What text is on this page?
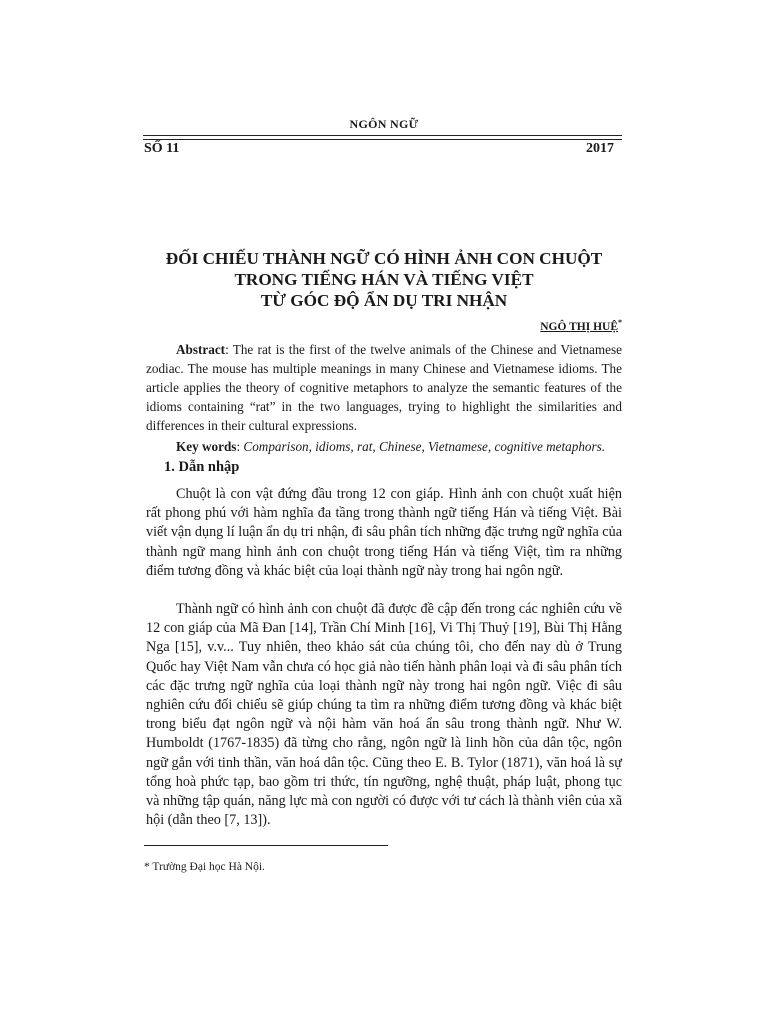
NGÔN NGỮ
SỐ 11	2017
ĐỐI CHIẾU THÀNH NGỮ CÓ HÌNH ẢNH CON CHUỘT
TRONG TIẾNG HÁN VÀ TIẾNG VIỆT
TỪ GÓC ĐỘ ẨN DỤ TRI NHẬN
NGÔ THỊ HUỆ*
Abstract: The rat is the first of the twelve animals of the Chinese and Vietnamese zodiac. The mouse has multiple meanings in many Chinese and Vietnamese idioms. The article applies the theory of cognitive metaphors to analyze the semantic features of the idioms containing “rat” in the two languages, trying to highlight the similarities and differences in their cultural expressions.
Key words: Comparison, idioms, rat, Chinese, Vietnamese, cognitive metaphors.
1. Dẫn nhập
Chuột là con vật đứng đầu trong 12 con giáp. Hình ảnh con chuột xuất hiện rất phong phú với hàm nghĩa đa tầng trong thành ngữ tiếng Hán và tiếng Việt. Bài viết vận dụng lí luận ẩn dụ tri nhận, đi sâu phân tích những đặc trưng ngữ nghĩa của thành ngữ mang hình ảnh con chuột trong tiếng Hán và tiếng Việt, tìm ra những điểm tương đồng và khác biệt của loại thành ngữ này trong hai ngôn ngữ.
Thành ngữ có hình ảnh con chuột đã được đề cập đến trong các nghiên cứu về 12 con giáp của Mã Đan [14], Trần Chí Minh [16], Vi Thị Thuỷ [19], Bùi Thị Hằng Nga [15], v.v... Tuy nhiên, theo khảo sát của chúng tôi, cho đến nay dù ở Trung Quốc hay Việt Nam vẫn chưa có học giả nào tiến hành phân loại và đi sâu phân tích các đặc trưng ngữ nghĩa của loại thành ngữ này trong hai ngôn ngữ. Việc đi sâu nghiên cứu đối chiếu sẽ giúp chúng ta tìm ra những điểm tương đồng và khác biệt trong biểu đạt ngôn ngữ và nội hàm văn hoá ẩn sâu trong thành ngữ. Như W. Humboldt (1767-1835) đã từng cho rằng, ngôn ngữ là linh hồn của dân tộc, ngôn ngữ gắn với tinh thần, văn hoá dân tộc. Cũng theo E. B. Tylor (1871), văn hoá là sự tổng hoà phức tạp, bao gồm tri thức, tín ngưỡng, nghệ thuật, pháp luật, phong tục và những tập quán, năng lực mà con người có được với tư cách là thành viên của xã hội (dẫn theo [7, 13]).
* Trường Đại học Hà Nội.
